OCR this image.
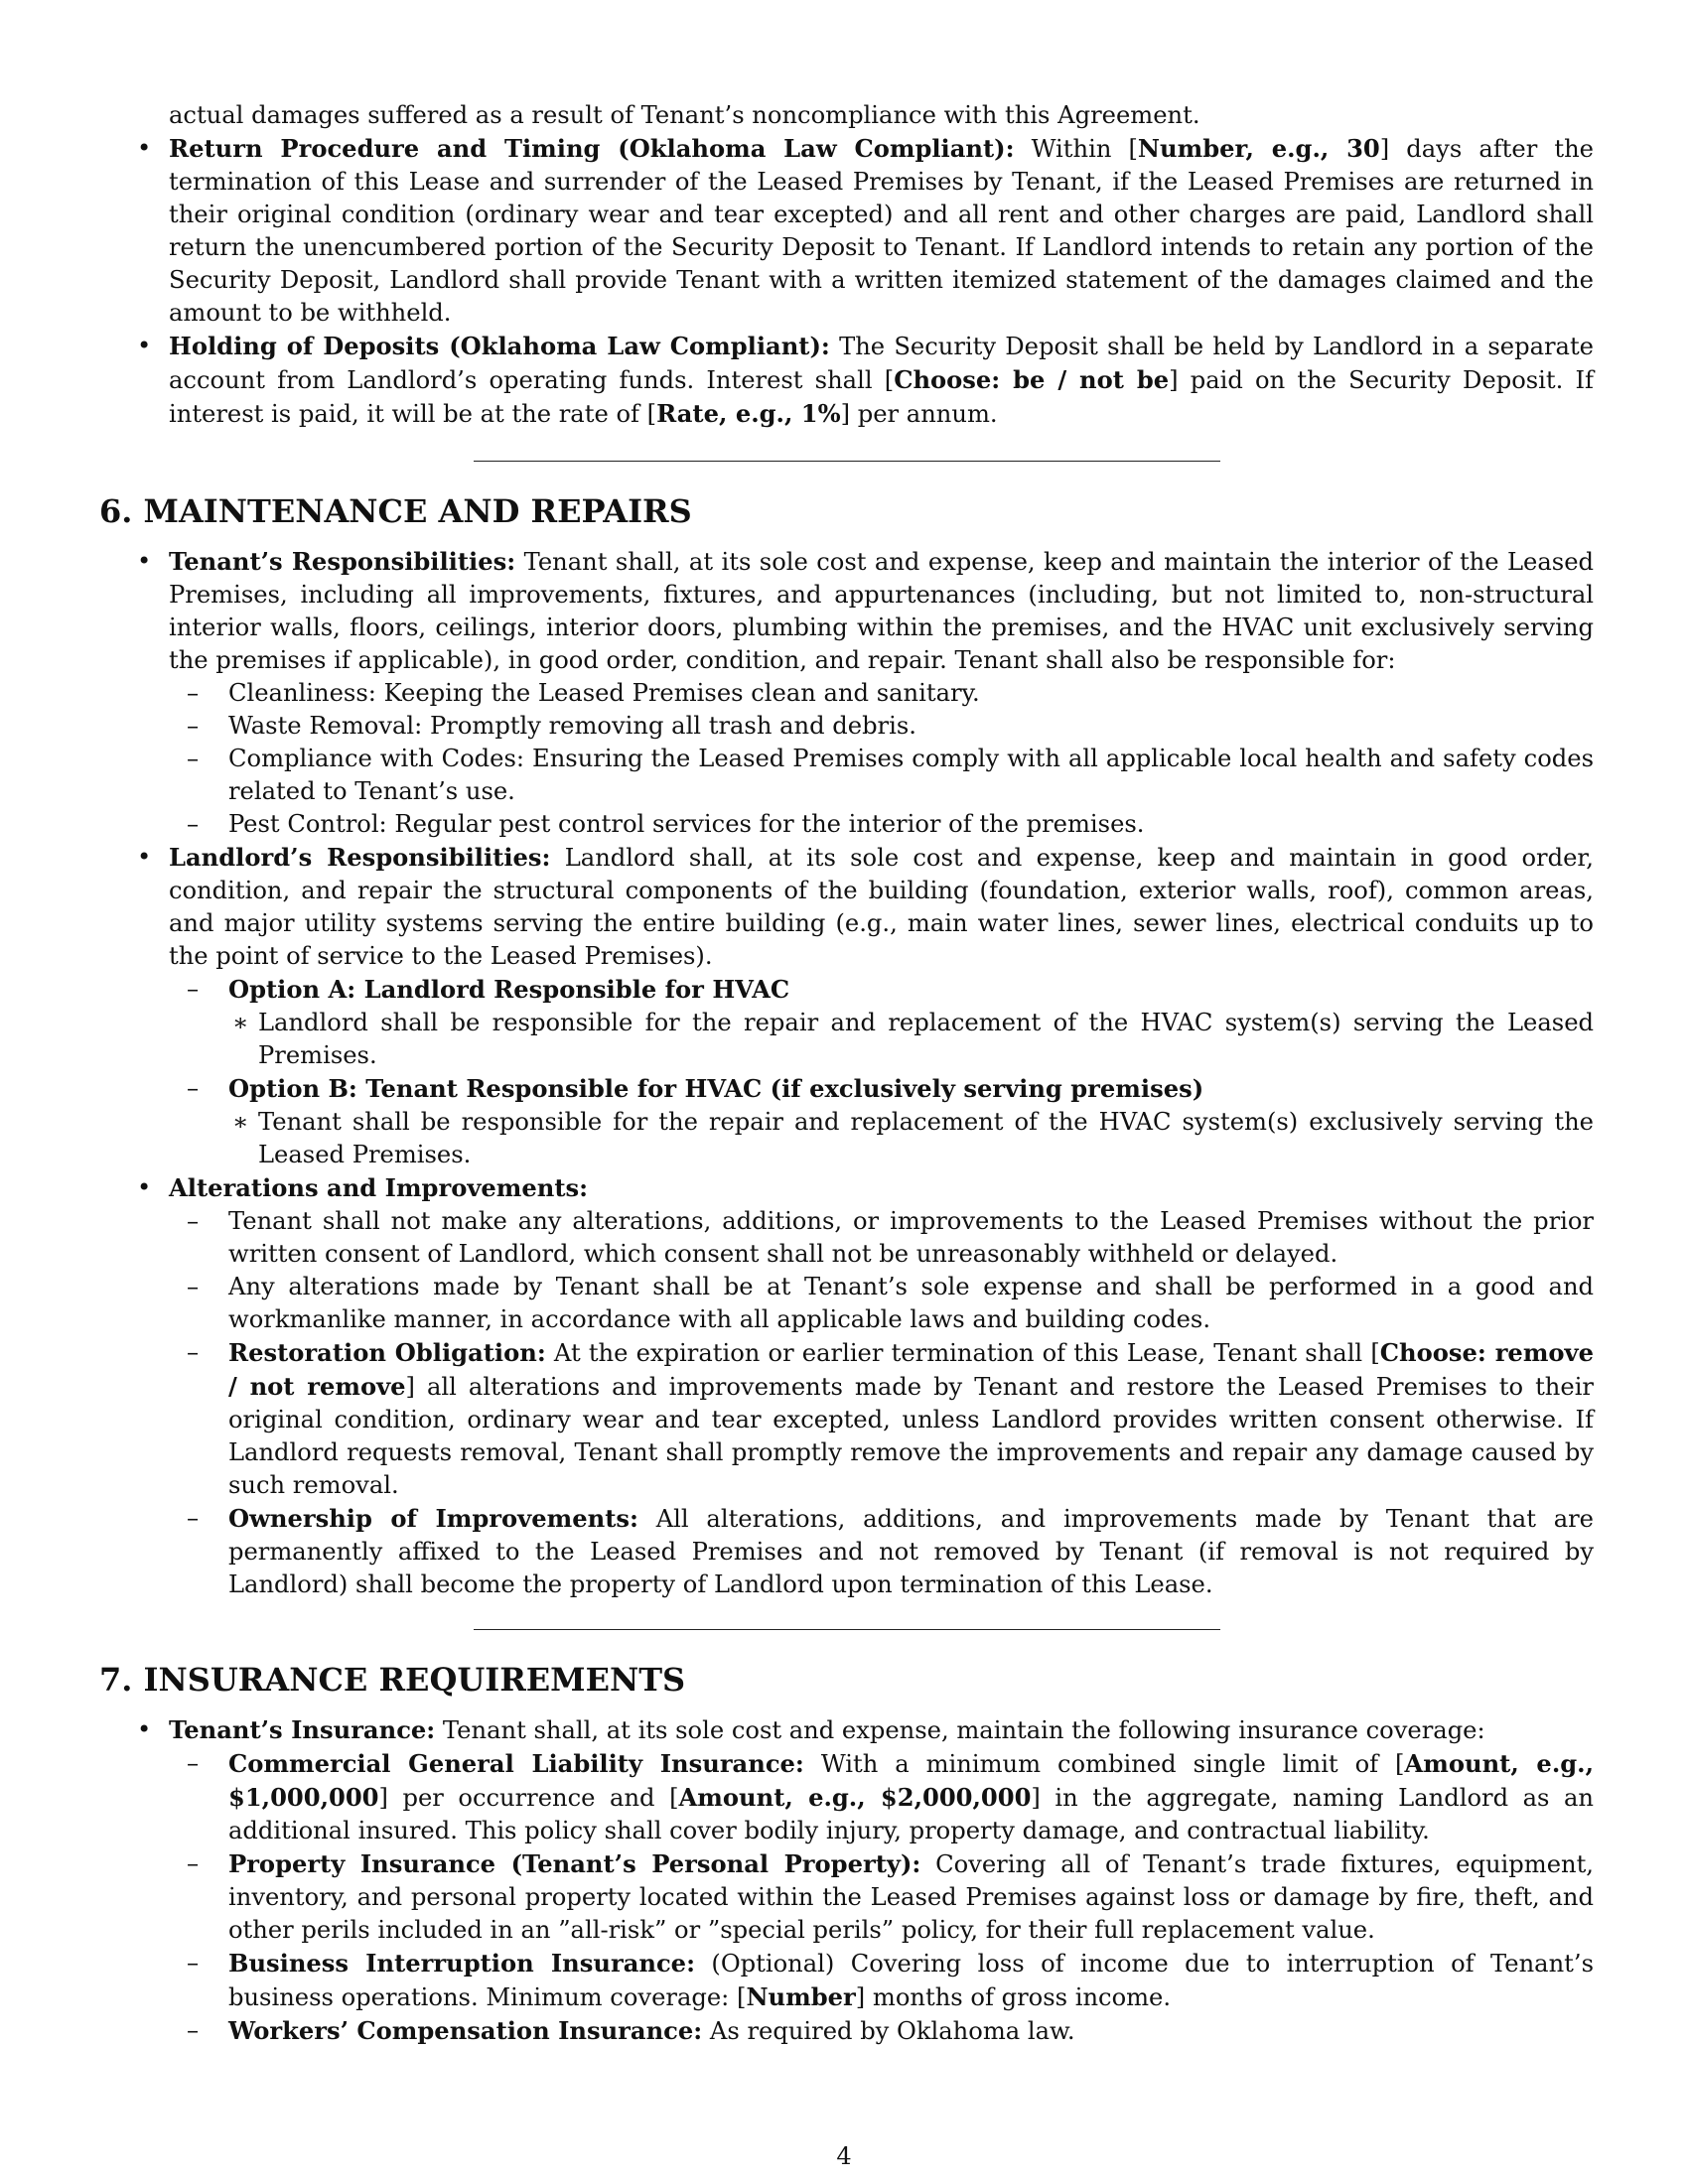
actual damages suffered as a result of Tenant’s noncompliance with this Agreement.
• Return Procedure and Timing (Oklahoma Law Compliant): Within [Number, e.g., 30] days after the termination of this Lease and surrender of the Leased Premises by Tenant, if the Leased Premises are returned in their original condition (ordinary wear and tear excepted) and all rent and other charges are paid, Landlord shall return the unencumbered portion of the Security Deposit to Tenant. If Landlord intends to retain any portion of the Security Deposit, Landlord shall provide Tenant with a written itemized statement of the damages claimed and the amount to be withheld.
• Holding of Deposits (Oklahoma Law Compliant): The Security Deposit shall be held by Landlord in a separate account from Landlord’s operating funds. Interest shall [Choose: be / not be] paid on the Security Deposit. If interest is paid, it will be at the rate of [Rate, e.g., 1%] per annum.
6. MAINTENANCE AND REPAIRS
• Tenant’s Responsibilities: Tenant shall, at its sole cost and expense, keep and maintain the interior of the Leased Premises, including all improvements, fixtures, and appurtenances (including, but not limited to, non-structural interior walls, floors, ceilings, interior doors, plumbing within the premises, and the HVAC unit exclusively serving the premises if applicable), in good order, condition, and repair. Tenant shall also be responsible for:
– Cleanliness: Keeping the Leased Premises clean and sanitary.
– Waste Removal: Promptly removing all trash and debris.
– Compliance with Codes: Ensuring the Leased Premises comply with all applicable local health and safety codes related to Tenant’s use.
– Pest Control: Regular pest control services for the interior of the premises.
• Landlord’s Responsibilities: Landlord shall, at its sole cost and expense, keep and maintain in good order, condition, and repair the structural components of the building (foundation, exterior walls, roof), common areas, and major utility systems serving the entire building (e.g., main water lines, sewer lines, electrical conduits up to the point of service to the Leased Premises).
– Option A: Landlord Responsible for HVAC
∗ Landlord shall be responsible for the repair and replacement of the HVAC system(s) serving the Leased Premises.
– Option B: Tenant Responsible for HVAC (if exclusively serving premises)
∗ Tenant shall be responsible for the repair and replacement of the HVAC system(s) exclusively serving the Leased Premises.
• Alterations and Improvements:
– Tenant shall not make any alterations, additions, or improvements to the Leased Premises without the prior written consent of Landlord, which consent shall not be unreasonably withheld or delayed.
– Any alterations made by Tenant shall be at Tenant’s sole expense and shall be performed in a good and workmanlike manner, in accordance with all applicable laws and building codes.
– Restoration Obligation: At the expiration or earlier termination of this Lease, Tenant shall [Choose: remove / not remove] all alterations and improvements made by Tenant and restore the Leased Premises to their original condition, ordinary wear and tear excepted, unless Landlord provides written consent otherwise. If Landlord requests removal, Tenant shall promptly remove the improvements and repair any damage caused by such removal.
– Ownership of Improvements: All alterations, additions, and improvements made by Tenant that are permanently affixed to the Leased Premises and not removed by Tenant (if removal is not required by Landlord) shall become the property of Landlord upon termination of this Lease.
7. INSURANCE REQUIREMENTS
• Tenant’s Insurance: Tenant shall, at its sole cost and expense, maintain the following insurance coverage:
– Commercial General Liability Insurance: With a minimum combined single limit of [Amount, e.g., $1,000,000] per occurrence and [Amount, e.g., $2,000,000] in the aggregate, naming Landlord as an additional insured. This policy shall cover bodily injury, property damage, and contractual liability.
– Property Insurance (Tenant’s Personal Property): Covering all of Tenant’s trade fixtures, equipment, inventory, and personal property located within the Leased Premises against loss or damage by fire, theft, and other perils included in an ”all-risk” or ”special perils” policy, for their full replacement value.
– Business Interruption Insurance: (Optional) Covering loss of income due to interruption of Tenant’s business operations. Minimum coverage: [Number] months of gross income.
– Workers’ Compensation Insurance: As required by Oklahoma law.
4
